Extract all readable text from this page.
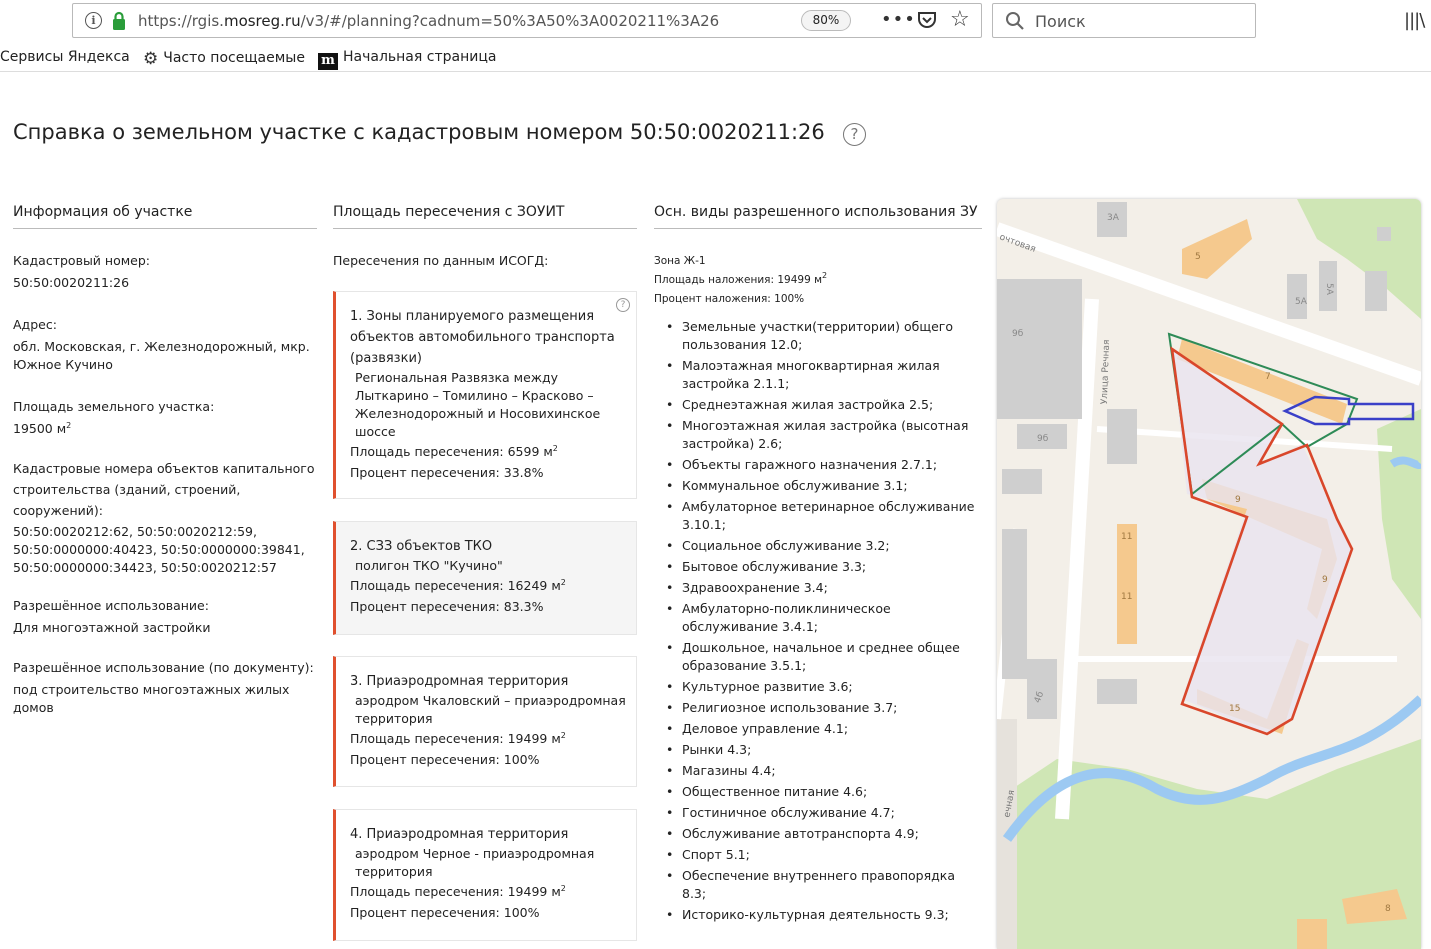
i	https://rgis.mosreg.ru/v3/#/planning?cadnum=50%3A50%3A0020211%3A26	80%	••• ☆	Поиск	|||\
Сервисы Яндекса ⚙ Часто посещаемые m Начальная страница
Справка о земельном участке с кадастровым номером 50:50:0020211:26	?
Информация об участке	Площадь пересечения с ЗОУИТ	Осн. виды разрешенного использования ЗУ
Кадастровый номер:
50:50:0020211:26
Адрес:
обл. Московская, г. Железнодорожный, мкр. Южное Кучино
Площадь земельного участка:
19500 $м^2$
Кадастровые номера объектов капитального строительства (зданий, строений, сооружений):
50:50:0020212:62, 50:50:0020212:59, 50:50:0000000:40423, 50:50:0000000:39841, 50:50:0000000:34423, 50:50:0020212:57
Разрешённое использование:
Для многоэтажной застройки
Разрешённое использование (по документу):
под строительство многоэтажных жилых домов
Пересечения по данным ИСОГД:
?
1. Зоны планируемого размещения объектов автомобильного транспорта (развязки)
Региональная Развязка между Лыткарино – Томилино – Красково – Железнодорожный и Носовихинское шоссе
Площадь пересечения: 6599 $м^2$
Процент пересечения: 33.8%
2. СЗЗ объектов ТКО
полигон ТКО "Кучино"
Площадь пересечения: 16249 $м^2$
Процент пересечения: 83.3%
3. Приаэродромная территория
аэродром Чкаловский – приаэродромная территория
Площадь пересечения: 19499 $м^2$
Процент пересечения: 100%
4. Приаэродромная территория
аэродром Черное - приаэродромная территория
Площадь пересечения: 19499 $м^2$
Процент пересечения: 100%
Зона Ж-1
Площадь наложения: 19499 $м^2$
Процент наложения: 100%
• Земельные участки(территории) общего пользования 12.0;
• Малоэтажная многоквартирная жилая застройка 2.1.1;
• Среднеэтажная жилая застройка 2.5;
• Многоэтажная жилая застройка (высотная застройка) 2.6;
• Объекты гаражного назначения 2.7.1;
• Коммунальное обслуживание 3.1;
• Амбулаторное ветеринарное обслуживание 3.10.1;
• Социальное обслуживание 3.2;
• Бытовое обслуживание 3.3;
• Здравоохранение 3.4;
• Амбулаторно-поликлиническое обслуживание 3.4.1;
• Дошкольное, начальное и среднее общее образование 3.5.1;
• Культурное развитие 3.6;
• Религиозное использование 3.7;
• Деловое управление 4.1;
• Рынки 4.3;
• Магазины 4.4;
• Общественное питание 4.6;
• Гостиничное обслуживание 4.7;
• Обслуживание автотранспорта 4.9;
• Спорт 5.1;
• Обеспечение внутреннего правопорядка 8.3;
• Историко-культурная деятельность 9.3;
3А
5
5А
5А
9б
9б
7
9
9
11
11
15
4б
8
Улица Речная
очтовая
ечная
